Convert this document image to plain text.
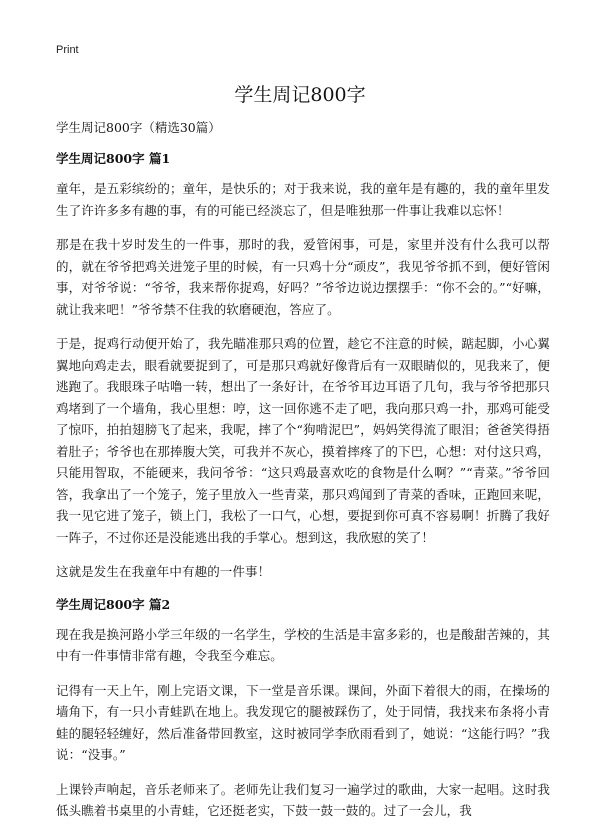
Print
学生周记800字

学生周记800字（精选30篇）

学生周记800字 篇1

童年，是五彩缤纷的；童年，是快乐的；对于我来说，我的童年是有趣的，我的童年里发生了许许多多有趣的事，有的可能已经淡忘了，但是唯独那一件事让我难以忘怀！

那是在我十岁时发生的一件事，那时的我，爱管闲事，可是，家里并没有什么我可以帮的，就在爷爷把鸡关进笼子里的时候，有一只鸡十分“顽皮”，我见爷爷抓不到，便好管闲事，对爷爷说：“爷爷，我来帮你捉鸡，好吗？”爷爷边说边摆摆手：“你不会的。”“好嘛，就让我来吧！”爷爷禁不住我的软磨硬泡，答应了。

于是，捉鸡行动便开始了，我先瞄准那只鸡的位置，趁它不注意的时候，踮起脚，小心翼翼地向鸡走去，眼看就要捉到了，可是那只鸡就好像背后有一双眼睛似的，见我来了，便逃跑了。我眼珠子咕噜一转，想出了一条好计，在爷爷耳边耳语了几句，我与爷爷把那只鸡堵到了一个墙角，我心里想：哼，这一回你逃不走了吧，我向那只鸡一扑，那鸡可能受了惊吓，拍拍翅膀飞了起来，我呢，摔了个“狗啃泥巴”，妈妈笑得流了眼泪；爸爸笑得捂着肚子；爷爷也在那捧腹大笑，可我并不灰心，摸着摔疼了的下巴，心想：对付这只鸡，只能用智取，不能硬来，我问爷爷：“这只鸡最喜欢吃的食物是什么啊？”“青菜。”爷爷回答，我拿出了一个笼子，笼子里放入一些青菜，那只鸡闻到了青菜的香味，正跑回来呢，我一见它进了笼子，锁上门，我松了一口气，心想，要捉到你可真不容易啊！折腾了我好一阵子，不过你还是没能逃出我的手掌心。想到这，我欣慰的笑了！

这就是发生在我童年中有趣的一件事！

学生周记800字 篇2

现在我是换河路小学三年级的一名学生，学校的生活是丰富多彩的，也是酸甜苦辣的，其中有一件事情非常有趣，令我至今难忘。

记得有一天上午，刚上完语文课，下一堂是音乐课。课间，外面下着很大的雨，在操场的墙角下，有一只小青蛙趴在地上。我发现它的腿被踩伤了，处于同情，我找来布条将小青蛙的腿轻轻缠好，然后准备带回教室，这时被同学李欣雨看到了，她说：“这能行吗？”我说：“没事。”

上课铃声响起，音乐老师来了。老师先让我们复习一遍学过的歌曲，大家一起唱。这时我低头瞧着书桌里的小青蛙，它还挺老实，下鼓一鼓一鼓的。过了一会儿，我
